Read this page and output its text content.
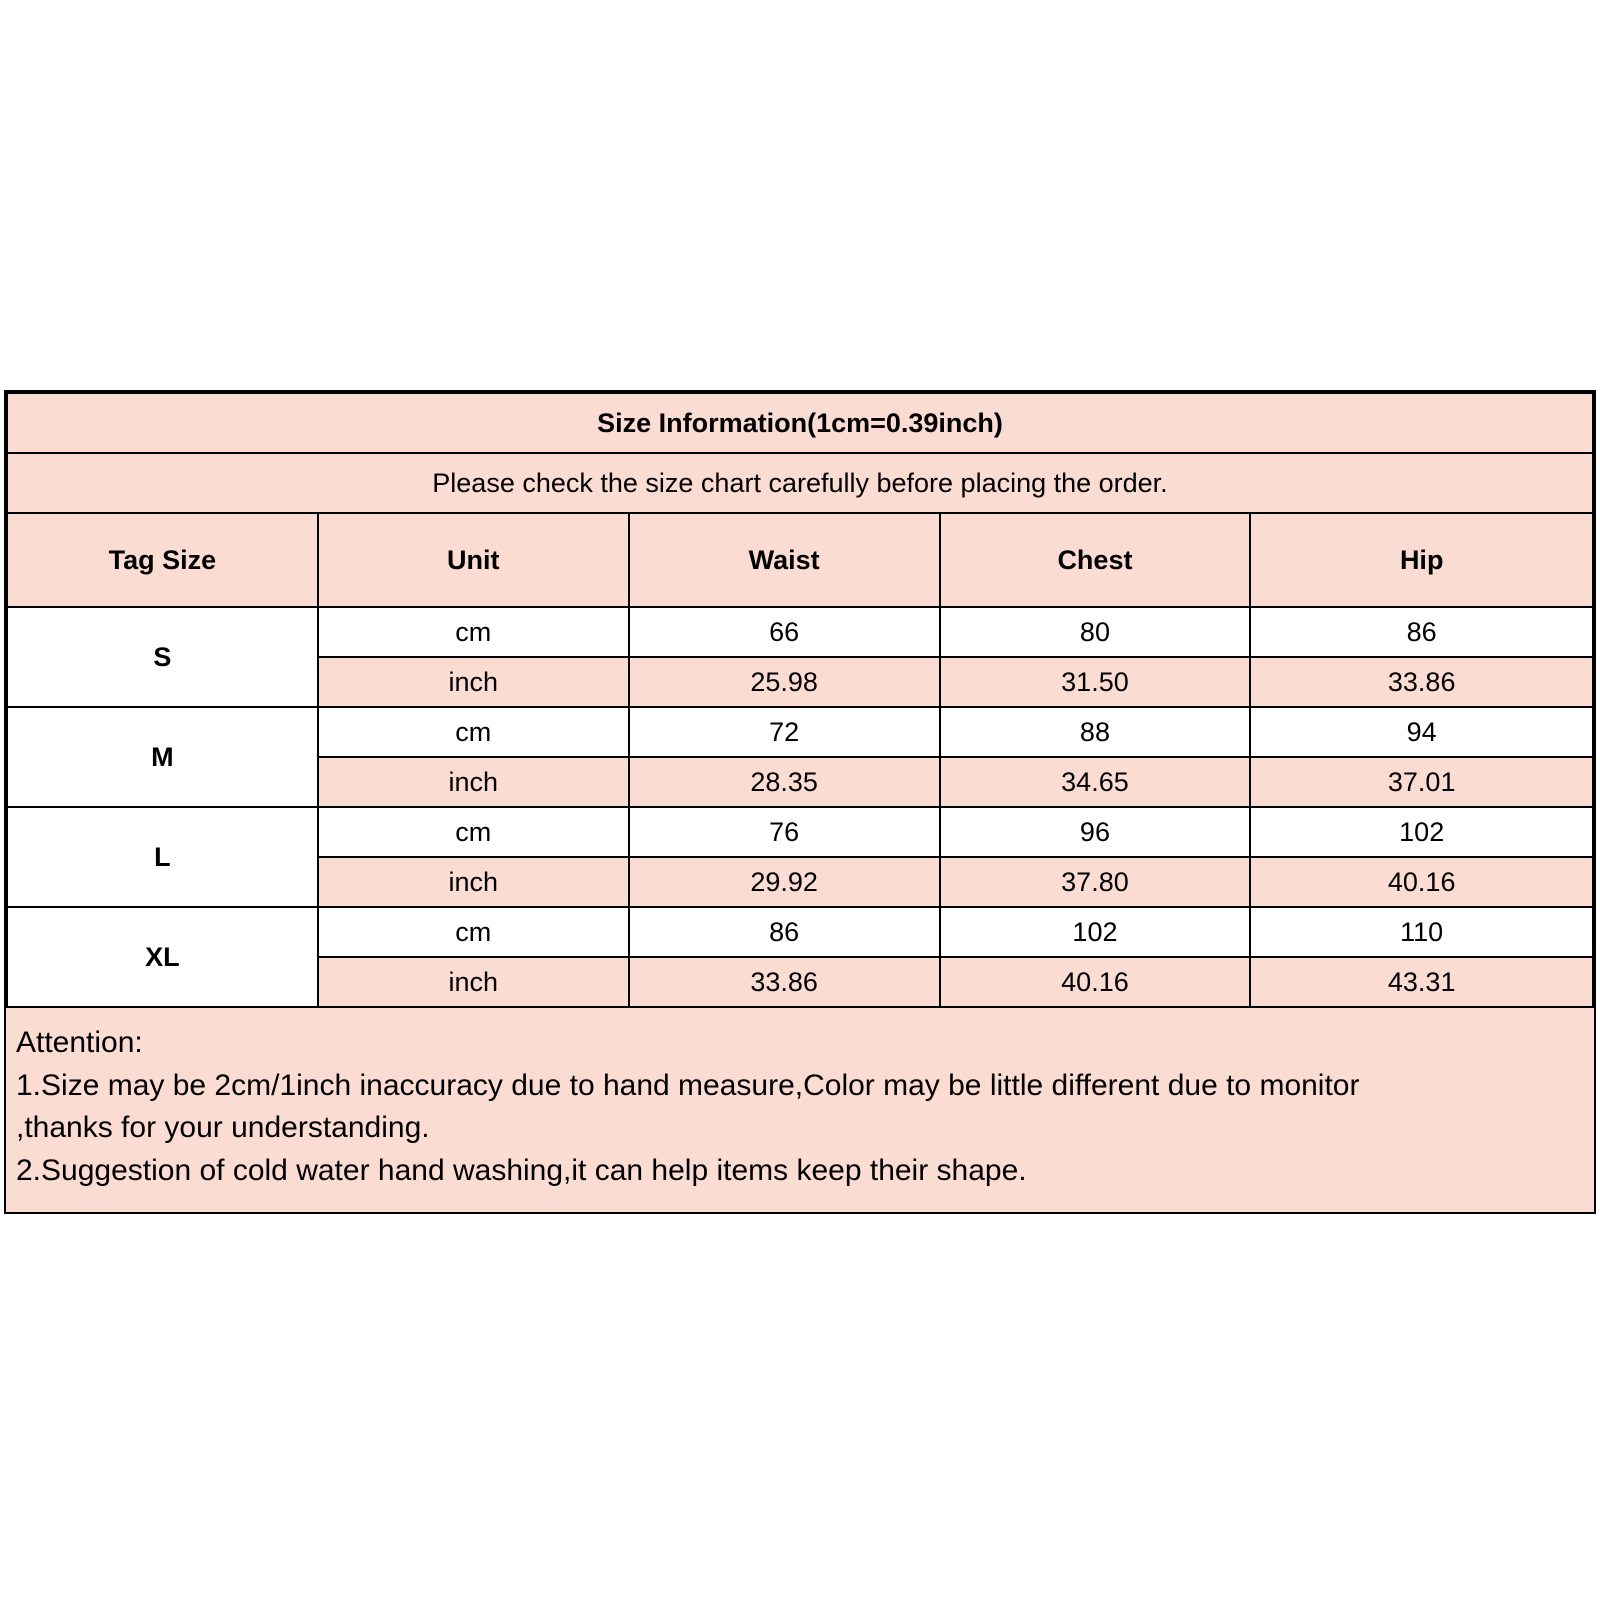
Size Information(1cm=0.39inch)				
Please check the size chart carefully before placing the order.				
Tag Size	Unit	Waist	Chest	Hip
S	cm	66	80	86
	inch	25.98	31.50	33.86
M	cm	72	88	94
	inch	28.35	34.65	37.01
L	cm	76	96	102
	inch	29.92	37.80	40.16
XL	cm	86	102	110
	inch	33.86	40.16	43.31

Attention:

1.Size may be 2cm/1inch inaccuracy due to hand measure,Color may be little different due to monitor

,thanks for your understanding.

2.Suggestion of cold water hand washing,it can help items keep their shape.
